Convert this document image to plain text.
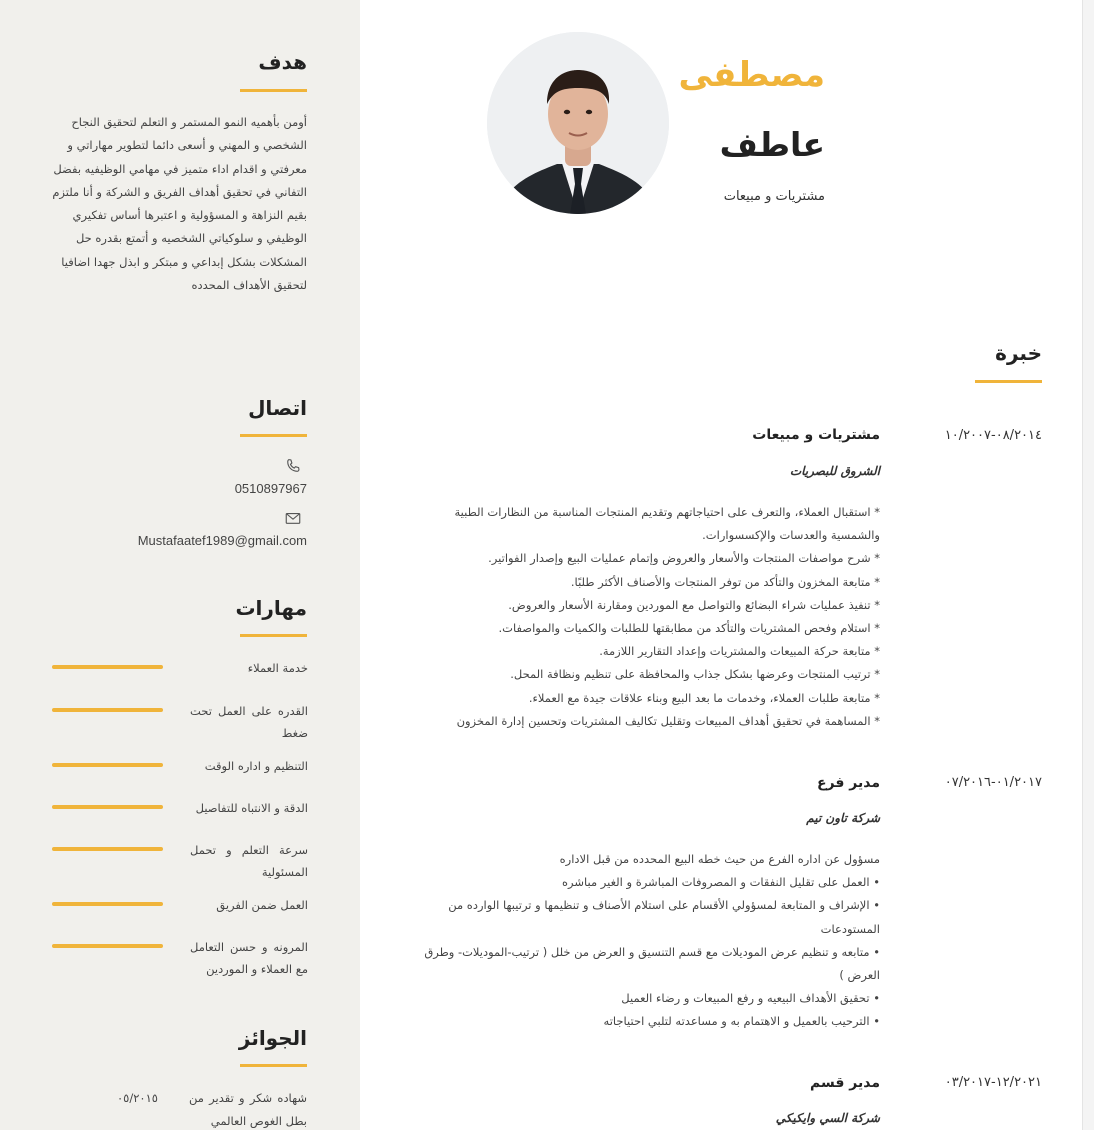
هدف
أومن بأهميه النمو المستمر و التعلم لتحقيق النجاح الشخصي و المهني و أسعى دائما لتطوير مهاراتي و معرفتي و اقدام اداء متميز في مهامي الوظيفيه بفضل التفاني في تحقيق أهداف الفريق و الشركة و أنا ملتزم بقيم النزاهة و المسؤولية و اعتبرها أساس تفكيري الوظيفي و سلوكياتي الشخصيه و أتمتع بقدره حل المشكلات بشكل إبداعي و مبتكر و ابذل جهدا اضافيا لتحقيق الأهداف المحدده
اتصال
0510897967
Mustafaatef1989@gmail.com
مهارات
خدمة العملاء
القدره على العمل تحت ضغط
التنظيم و اداره الوقت
الدقة و الانتباه للتفاصيل
سرعة التعلم و تحمل المسئولية
العمل ضمن الفريق
المرونه و حسن التعامل مع العملاء و الموردين
الجوائز
٠٥/٢٠١٥	شهاده شكر و تقدير من بطل الغوص العالمي
مصطفى
عاطف
مشتريات و مبيعات
خبرة
٠٨/٢٠١٤-١٠/٢٠٠٧
مشتريات و مبيعات
الشروق للبصريات
* استقبال العملاء، والتعرف على احتياجاتهم وتقديم المنتجات المناسبة من النظارات الطبية والشمسية والعدسات والإكسسوارات.
* شرح مواصفات المنتجات والأسعار والعروض وإتمام عمليات البيع وإصدار الفواتير.
* متابعة المخزون والتأكد من توفر المنتجات والأصناف الأكثر طلبًا.
* تنفيذ عمليات شراء البضائع والتواصل مع الموردين ومقارنة الأسعار والعروض.
* استلام وفحص المشتريات والتأكد من مطابقتها للطلبات والكميات والمواصفات.
* متابعة حركة المبيعات والمشتريات وإعداد التقارير اللازمة.
* ترتيب المنتجات وعرضها بشكل جذاب والمحافظة على تنظيم ونظافة المحل.
* متابعة طلبات العملاء، وخدمات ما بعد البيع وبناء علاقات جيدة مع العملاء.
* المساهمة في تحقيق أهداف المبيعات وتقليل تكاليف المشتريات وتحسين إدارة المخزون
٠١/٢٠١٧-٠٧/٢٠١٦
مدير فرع
شركة تاون تيم
مسؤول عن اداره الفرع من حيث خطه البيع المحدده من قبل الاداره
• العمل على تقليل النفقات و المصروفات المباشرة و الغير مباشره
• الإشراف و المتابعة لمسؤولي الأقسام على استلام الأصناف و تنظيمها و ترتيبها الوارده من المستودعات
• متابعه و تنظيم عرض الموديلات مع قسم التنسيق و العرض من خلل ( ترتيب-الموديلات- وطرق العرض )
• تحقيق الأهداف البيعيه و رفع المبيعات و رضاء العميل
• الترحيب بالعميل و الاهتمام به و مساعدته لتلبي احتياجاته
١٢/٢٠٢١-٠٣/٢٠١٧
مدير قسم
شركة السي وايكيكي
